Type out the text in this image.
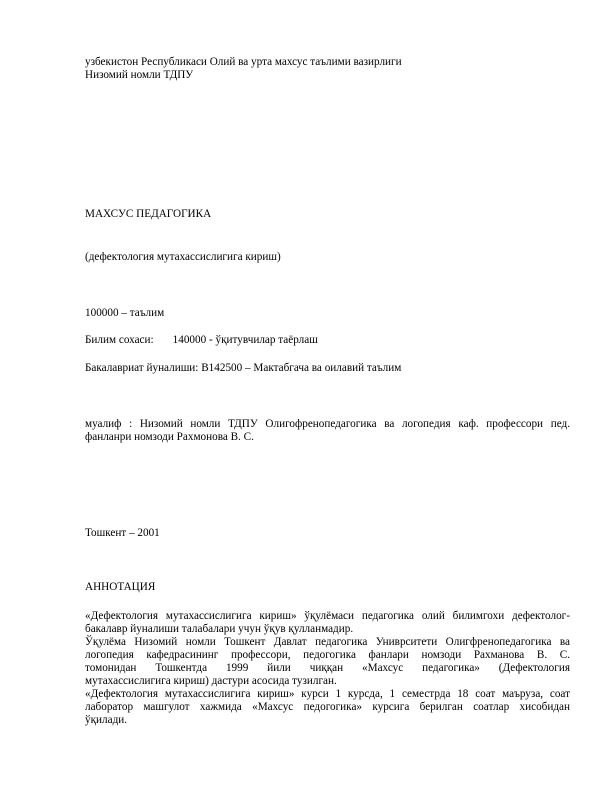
узбекистон Республикаси Олий ва урта махсус таълими вазирлиги
Низомий номли ТДПУ
МАХСУС ПЕДАГОГИКА
(дефектология мутахассислигига кириш)
100000 – таълим
Билим сохаси: 140000 - ўқитувчилар таёрлаш
Бакалавриат йуналиши: В142500 – Мактабгача ва оилавий таълим
муалиф : Низомий номли ТДПУ Олигофренопедагогика ва логопедия каф. профессори пед.
фанланри номзоди Рахмонова В. С.
Тошкент – 2001
АННОТАЦИЯ
«Дефектология мутахассислигига кириш» ўқулёмаси педагогика олий билимгохи дефектолог-
бакалавр йуналиши талабалари учун ўқув қулланмадир.
Ўқулёма Низомий номли Тошкент Давлат педагогика Униврситети Олигфренопедагогика ва
логопедия кафедрасининг профессори, педогогика фанлари номзоди Рахманова В. С.
томонидан Тошкентда 1999 йили чиққан «Махсус педагогика» (Дефектология
мутахассислигига кириш) дастури асосида тузилган.
«Дефектология мутахассислигига кириш» курси 1 курсда, 1 семестрда 18 соат маъруза, соат
лаборатор машгулот хажмида «Махсус педогогика» курсига берилган соатлар хисобидан
ўқилади.
